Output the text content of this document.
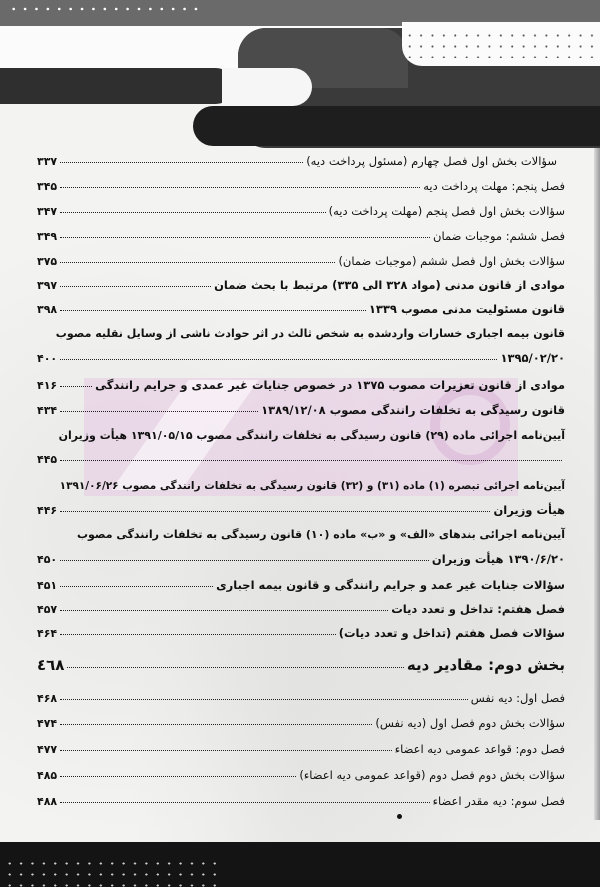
سؤالات بخش اول فصل چهارم (مسئول پرداخت دیه)
۳۳۷
فصل پنجم: مهلت پرداخت دیه
۳۴۵
سؤالات بخش اول فصل پنجم (مهلت پرداخت دیه)
۳۴۷
فصل ششم: موجبات ضمان
۳۴۹
سؤالات بخش اول فصل ششم (موجبات ضمان)
۳۷۵
موادی از قانون مدنی (مواد ۳۲۸ الی ۳۳۵) مرتبط با بحث ضمان
۳۹۷
قانون مسئولیت مدنی مصوب ۱۳۳۹
۳۹۸
قانون بیمه اجباری خسارات واردشده به شخص ثالث در اثر حوادث ناشی از وسایل نقلیه مصوب
۱۳۹۵/۰۲/۲۰
۴۰۰
موادی از قانون تعزیرات مصوب ۱۳۷۵ در خصوص جنایات غیر عمدی و جرایم رانندگی
۴۱۶
قانون رسیدگی به تخلفات رانندگی مصوب ۱۳۸۹/۱۲/۰۸
۴۳۴
آیین‌نامه اجرائی ماده (۲۹) قانون رسیدگی به تخلفات رانندگی مصوب ۱۳۹۱/۰۵/۱۵ هیأت وزیران
۴۴۵
آیین‌نامه اجرائی تبصره (۱) ماده (۳۱) و (۳۲) قانون رسیدگی به تخلفات رانندگی مصوب ۱۳۹۱/۰۶/۲۶
هیأت وزیران
۴۴۶
آیین‌نامه اجرائی بندهای «الف» و «ب» ماده (۱۰) قانون رسیدگی به تخلفات رانندگی مصوب
۱۳۹۰/۶/۲۰ هیأت وزیران
۴۵۰
سؤالات جنایات غیر عمد و جرایم رانندگی و قانون بیمه اجباری
۴۵۱
فصل هفتم: تداخل و تعدد دیات
۴۵۷
سؤالات فصل هفتم (تداخل و تعدد دیات)
۴۶۴
بخش دوم: مقادیر دیه
٤٦٨
فصل اول: دیه نفس
۴۶۸
سؤالات بخش دوم فصل اول (دیه نفس)
۴۷۴
فصل دوم: قواعد عمومی دیه اعضاء
۴۷۷
سؤالات بخش دوم فصل دوم (قواعد عمومی دیه اعضاء)
۴۸۵
فصل سوم: دیه مقدر اعضاء
۴۸۸
